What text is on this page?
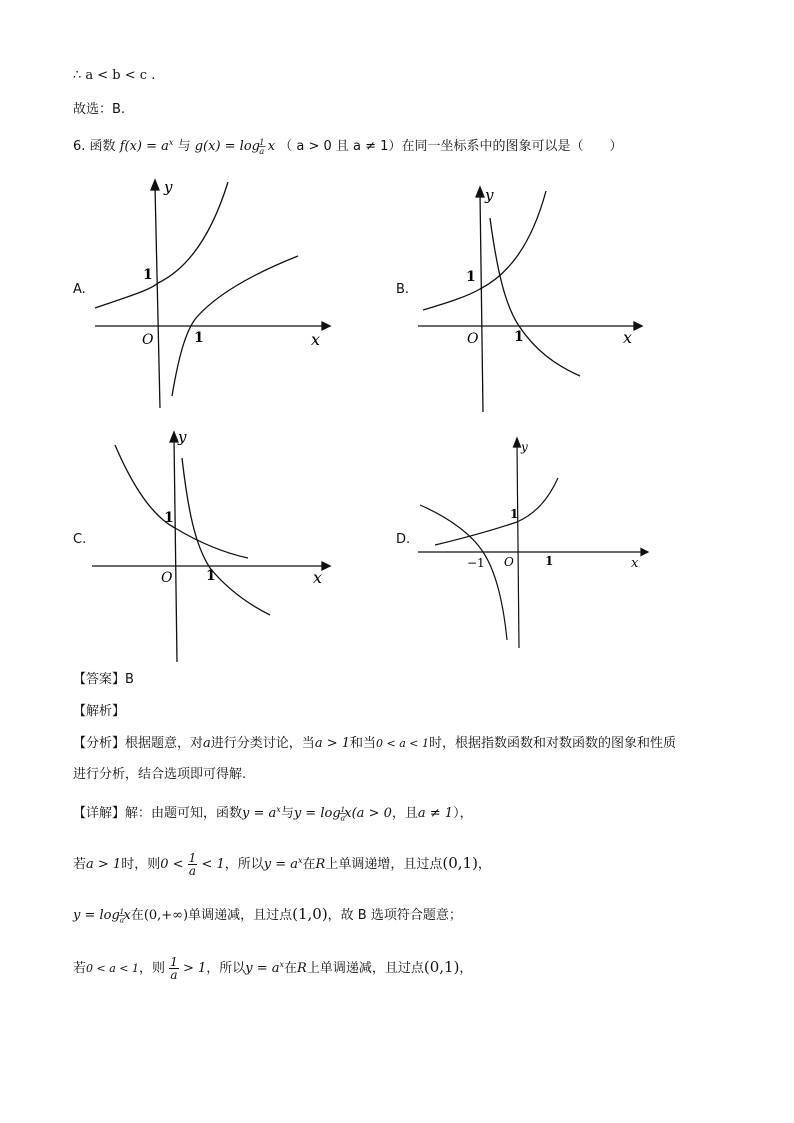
∴ a < b < c .
故选：B.
6. 函数 $f(x) = a^x$ 与 g(x) = log
$\frac{1}{a}$ x （ a > 0 且 a ≠ 1）在同一坐标系中的图象可以是（　　）
A.	B.
C.	D.
y
1
O	1	x
y
1
O	1	x
y
1
O 1	x
y
1
O	1
−1	x
【答案】B
【解析】
【分析】根据题意，对a进行分类讨论，当a > 1和当0 < a < 1时，根据指数函数和对数函数的图象和性质
进行分析，结合选项即可得解.
【详解】解：由题可知，函数$y = a^x$与y = log
$\frac{1}{a}$
x(a > 0，且a ≠ 1），
若a > 1时，则$0 < \frac{1}{a} < 1$，所以$y = a^x$在R上单调递增，且过点(0,1)，
y = log
$\frac{1}{a}$
x在(0,+∞)单调递减，且过点(1,0)，故 B 选项符合题意；
若0 < a < 1，则 $\frac{1}{a} > 1$，所以$y = a^x$在R上单调递减，且过点(0,1)，
